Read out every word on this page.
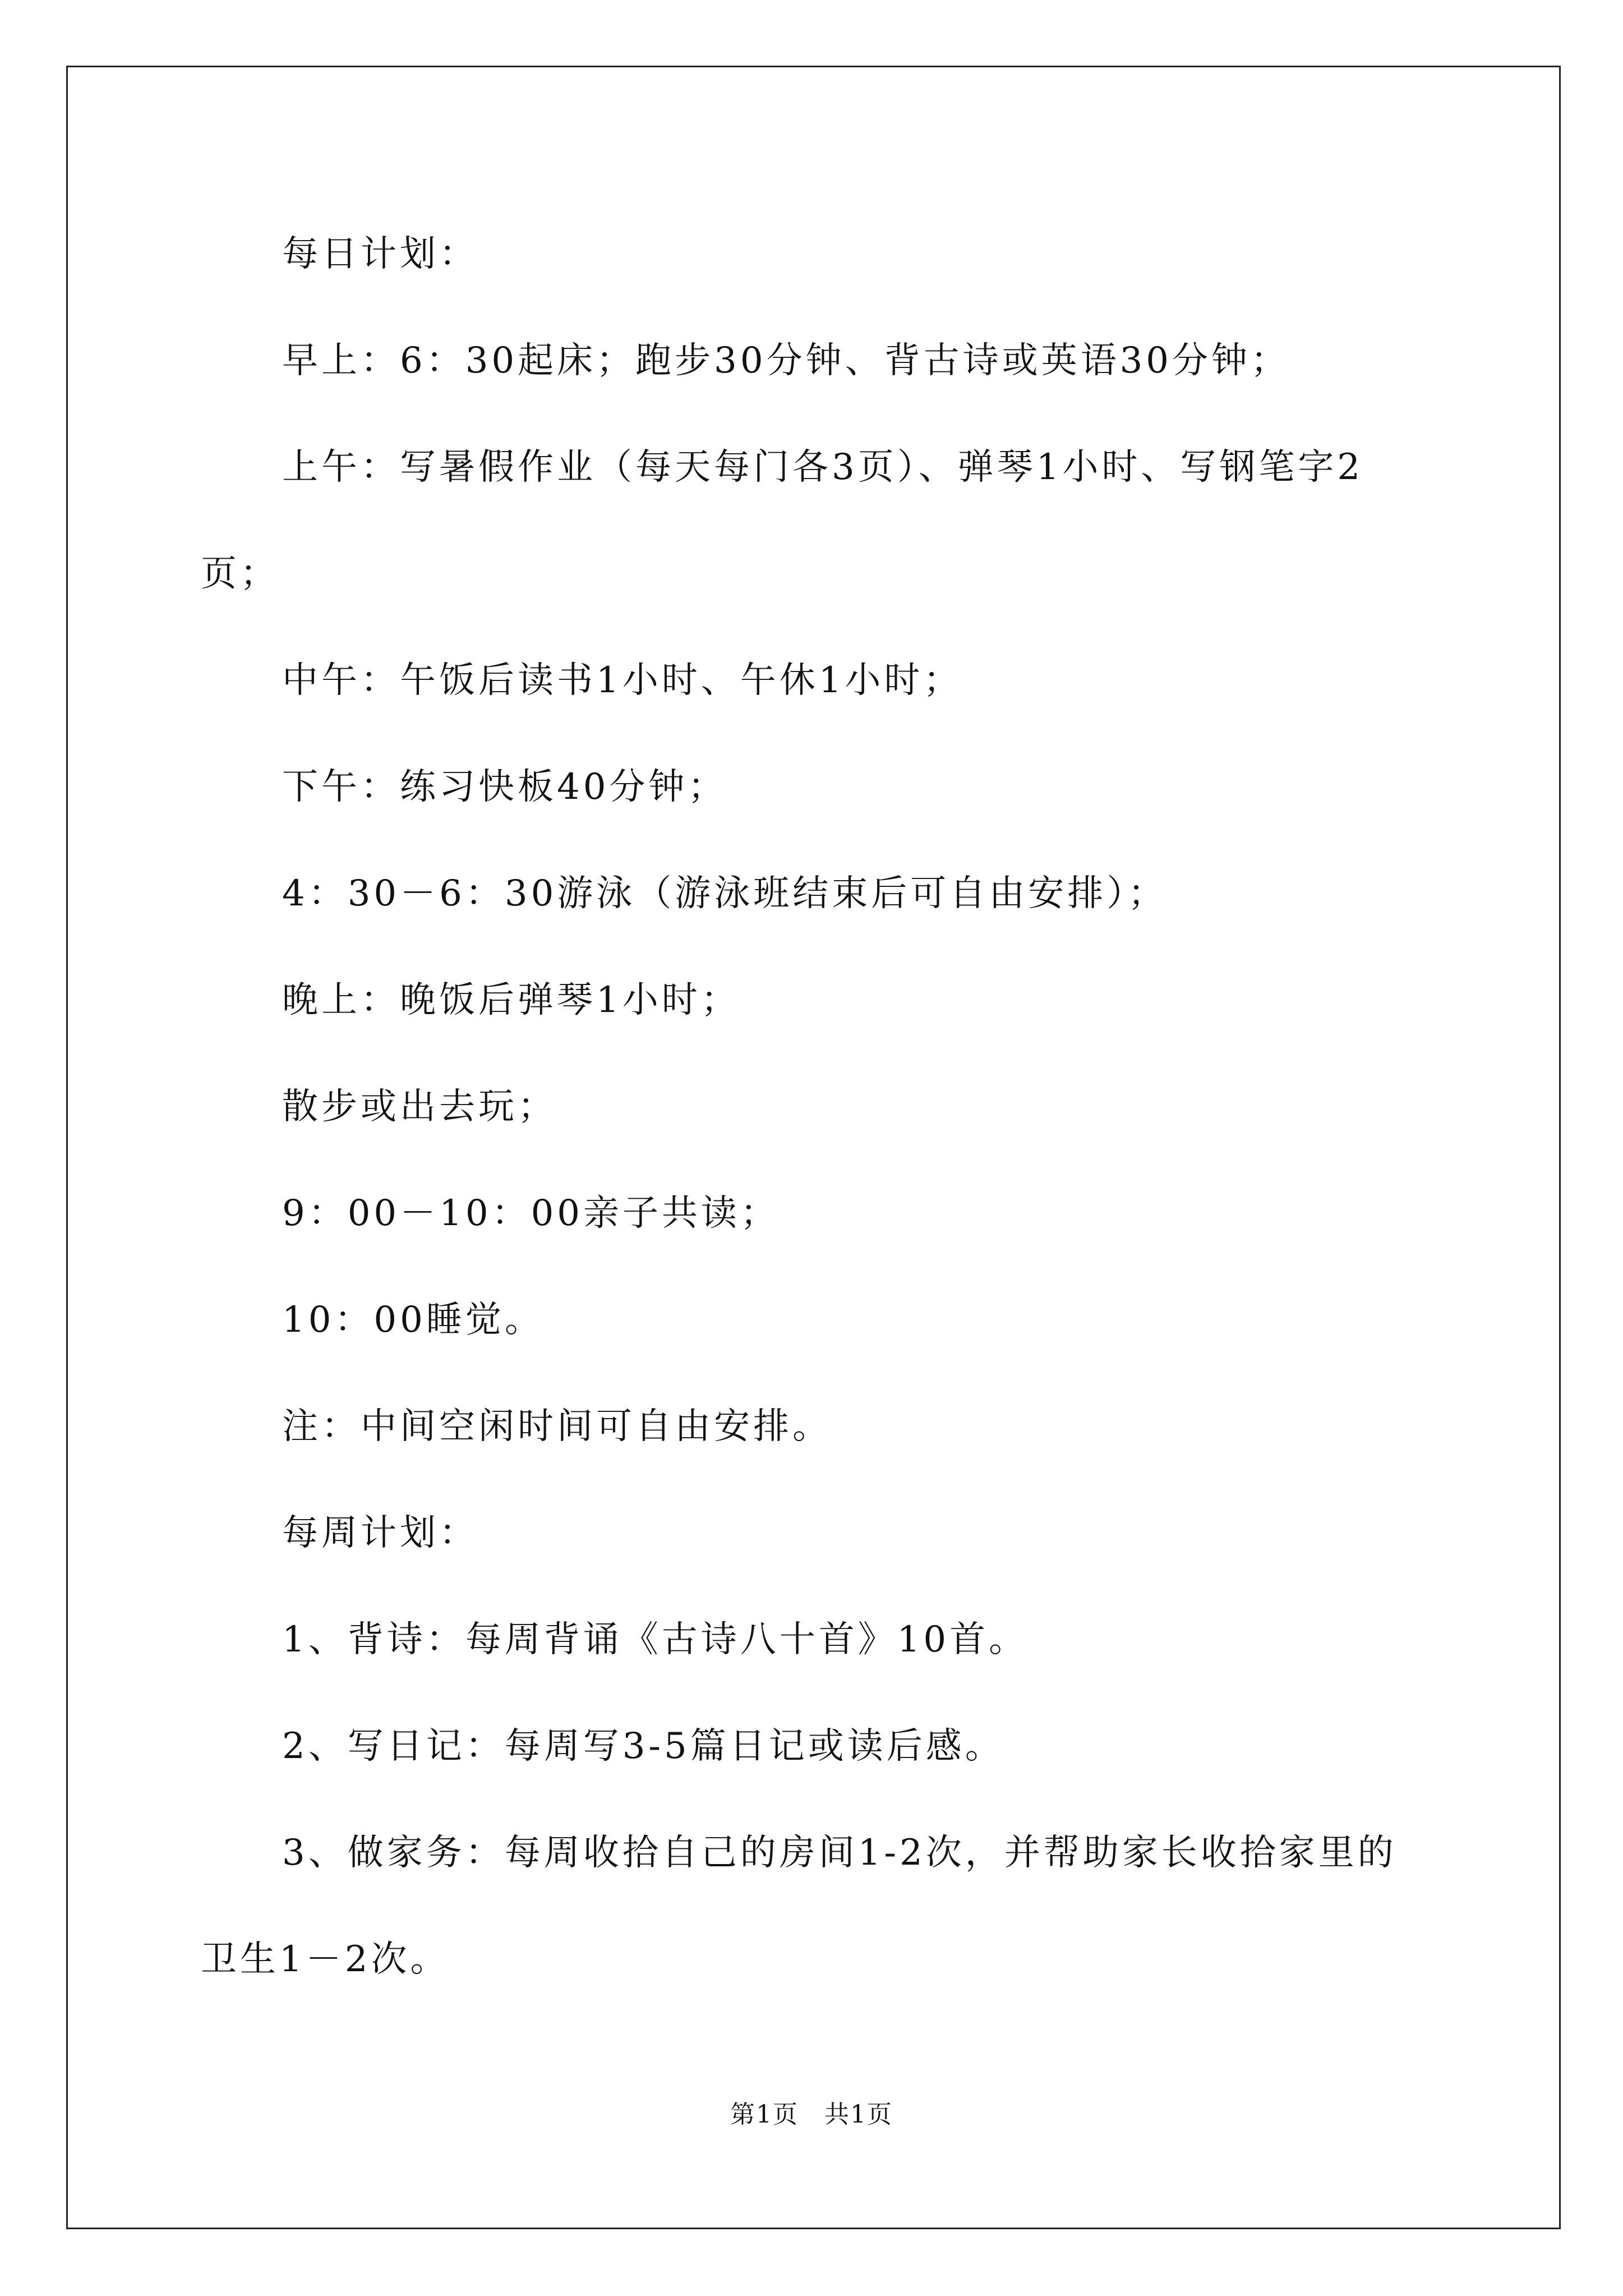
每日计划：
早上：6：30起床；跑步30分钟、背古诗或英语30分钟；
上午：写暑假作业（每天每门各3页）、弹琴1小时、写钢笔字2
页；
中午：午饭后读书1小时、午休1小时；
下午：练习快板40分钟；
4：30－6：30游泳（游泳班结束后可自由安排）；
晚上：晚饭后弹琴1小时；
散步或出去玩；
9：00－10：00亲子共读；
10：00睡觉。
注：中间空闲时间可自由安排。
每周计划：
1、背诗：每周背诵《古诗八十首》10首。
2、写日记：每周写3-5篇日记或读后感。
3、做家务：每周收拾自己的房间1-2次，并帮助家长收拾家里的
卫生1－2次。
第1页　共1页
